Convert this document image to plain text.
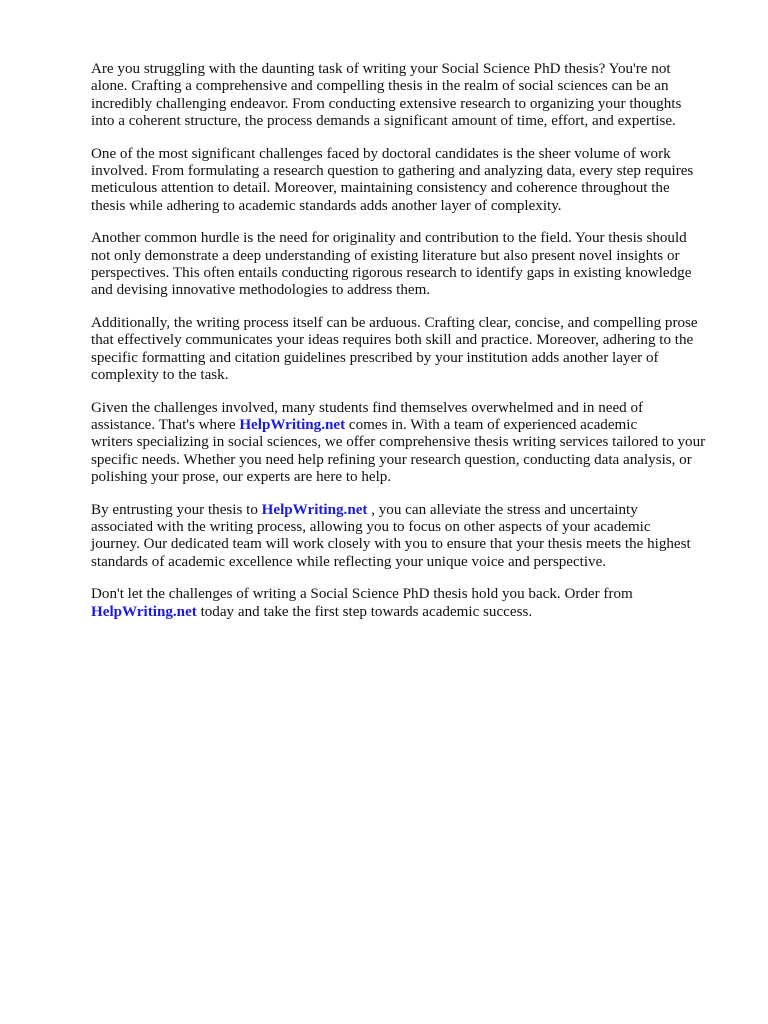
Are you struggling with the daunting task of writing your Social Science PhD thesis? You're not
alone. Crafting a comprehensive and compelling thesis in the realm of social sciences can be an
incredibly challenging endeavor. From conducting extensive research to organizing your thoughts
into a coherent structure, the process demands a significant amount of time, effort, and expertise.

One of the most significant challenges faced by doctoral candidates is the sheer volume of work
involved. From formulating a research question to gathering and analyzing data, every step requires
meticulous attention to detail. Moreover, maintaining consistency and coherence throughout the
thesis while adhering to academic standards adds another layer of complexity.

Another common hurdle is the need for originality and contribution to the field. Your thesis should
not only demonstrate a deep understanding of existing literature but also present novel insights or
perspectives. This often entails conducting rigorous research to identify gaps in existing knowledge
and devising innovative methodologies to address them.

Additionally, the writing process itself can be arduous. Crafting clear, concise, and compelling prose
that effectively communicates your ideas requires both skill and practice. Moreover, adhering to the
specific formatting and citation guidelines prescribed by your institution adds another layer of
complexity to the task.

Given the challenges involved, many students find themselves overwhelmed and in need of
assistance. That's where HelpWriting.net comes in. With a team of experienced academic
writers specializing in social sciences, we offer comprehensive thesis writing services tailored to your
specific needs. Whether you need help refining your research question, conducting data analysis, or
polishing your prose, our experts are here to help.

By entrusting your thesis to HelpWriting.net , you can alleviate the stress and uncertainty
associated with the writing process, allowing you to focus on other aspects of your academic
journey. Our dedicated team will work closely with you to ensure that your thesis meets the highest
standards of academic excellence while reflecting your unique voice and perspective.

Don't let the challenges of writing a Social Science PhD thesis hold you back. Order from
HelpWriting.net today and take the first step towards academic success.
